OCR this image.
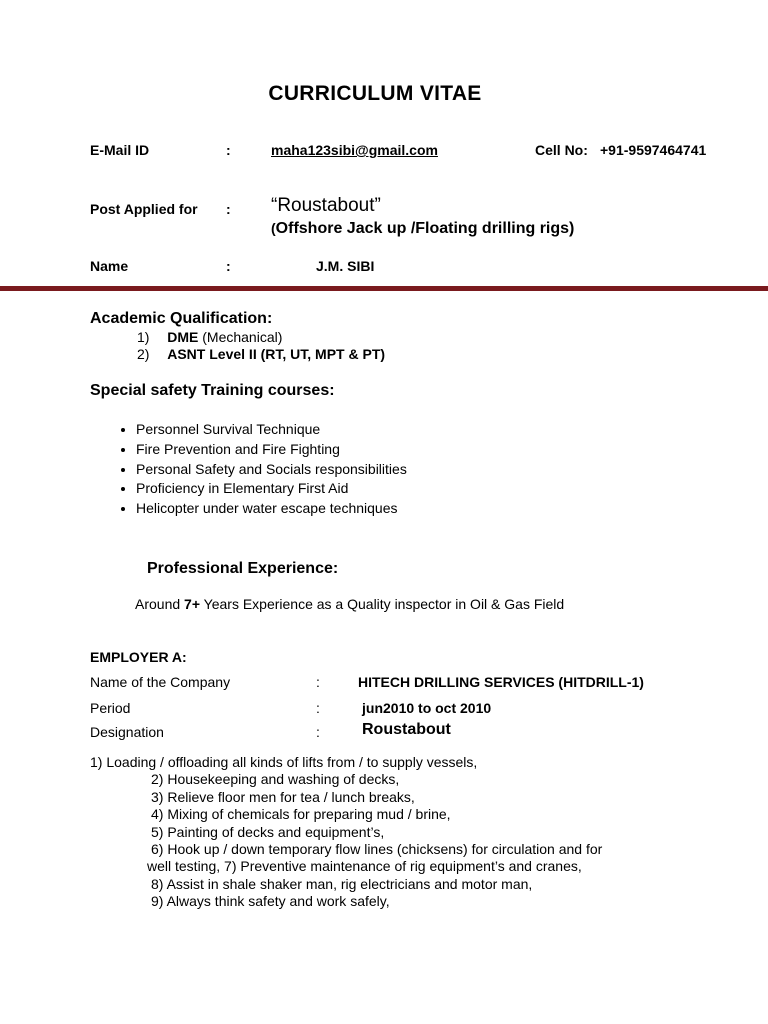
CURRICULUM VITAE
E-Mail ID	:	maha123sibi@gmail.com	Cell No: +91-9597464741
Post Applied for : “Roustabout”
(Offshore Jack up /Floating drilling rigs)
Name	:	J.M. SIBI
Academic Qualification:
1) DME (Mechanical)
2) ASNT Level II (RT, UT, MPT & PT)
Special safety Training courses:
• Personnel Survival Technique
• Fire Prevention and Fire Fighting
• Personal Safety and Socials responsibilities
• Proficiency in Elementary First Aid
• Helicopter under water escape techniques
Professional Experience:
Around 7+ Years Experience as a Quality inspector in Oil & Gas Field
EMPLOYER A:
Name of the Company	:	HITECH DRILLING SERVICES (HITDRILL-1)
Period	:	jun2010 to oct 2010
Designation	:	Roustabout
1) Loading / offloading all kinds of lifts from / to supply vessels,
2) Housekeeping and washing of decks,
3) Relieve floor men for tea / lunch breaks,
4) Mixing of chemicals for preparing mud / brine,
5) Painting of decks and equipment’s,
6) Hook up / down temporary flow lines (chicksens) for circulation and for
well testing, 7) Preventive maintenance of rig equipment’s and cranes,
8) Assist in shale shaker man, rig electricians and motor man,
9) Always think safety and work safely,
